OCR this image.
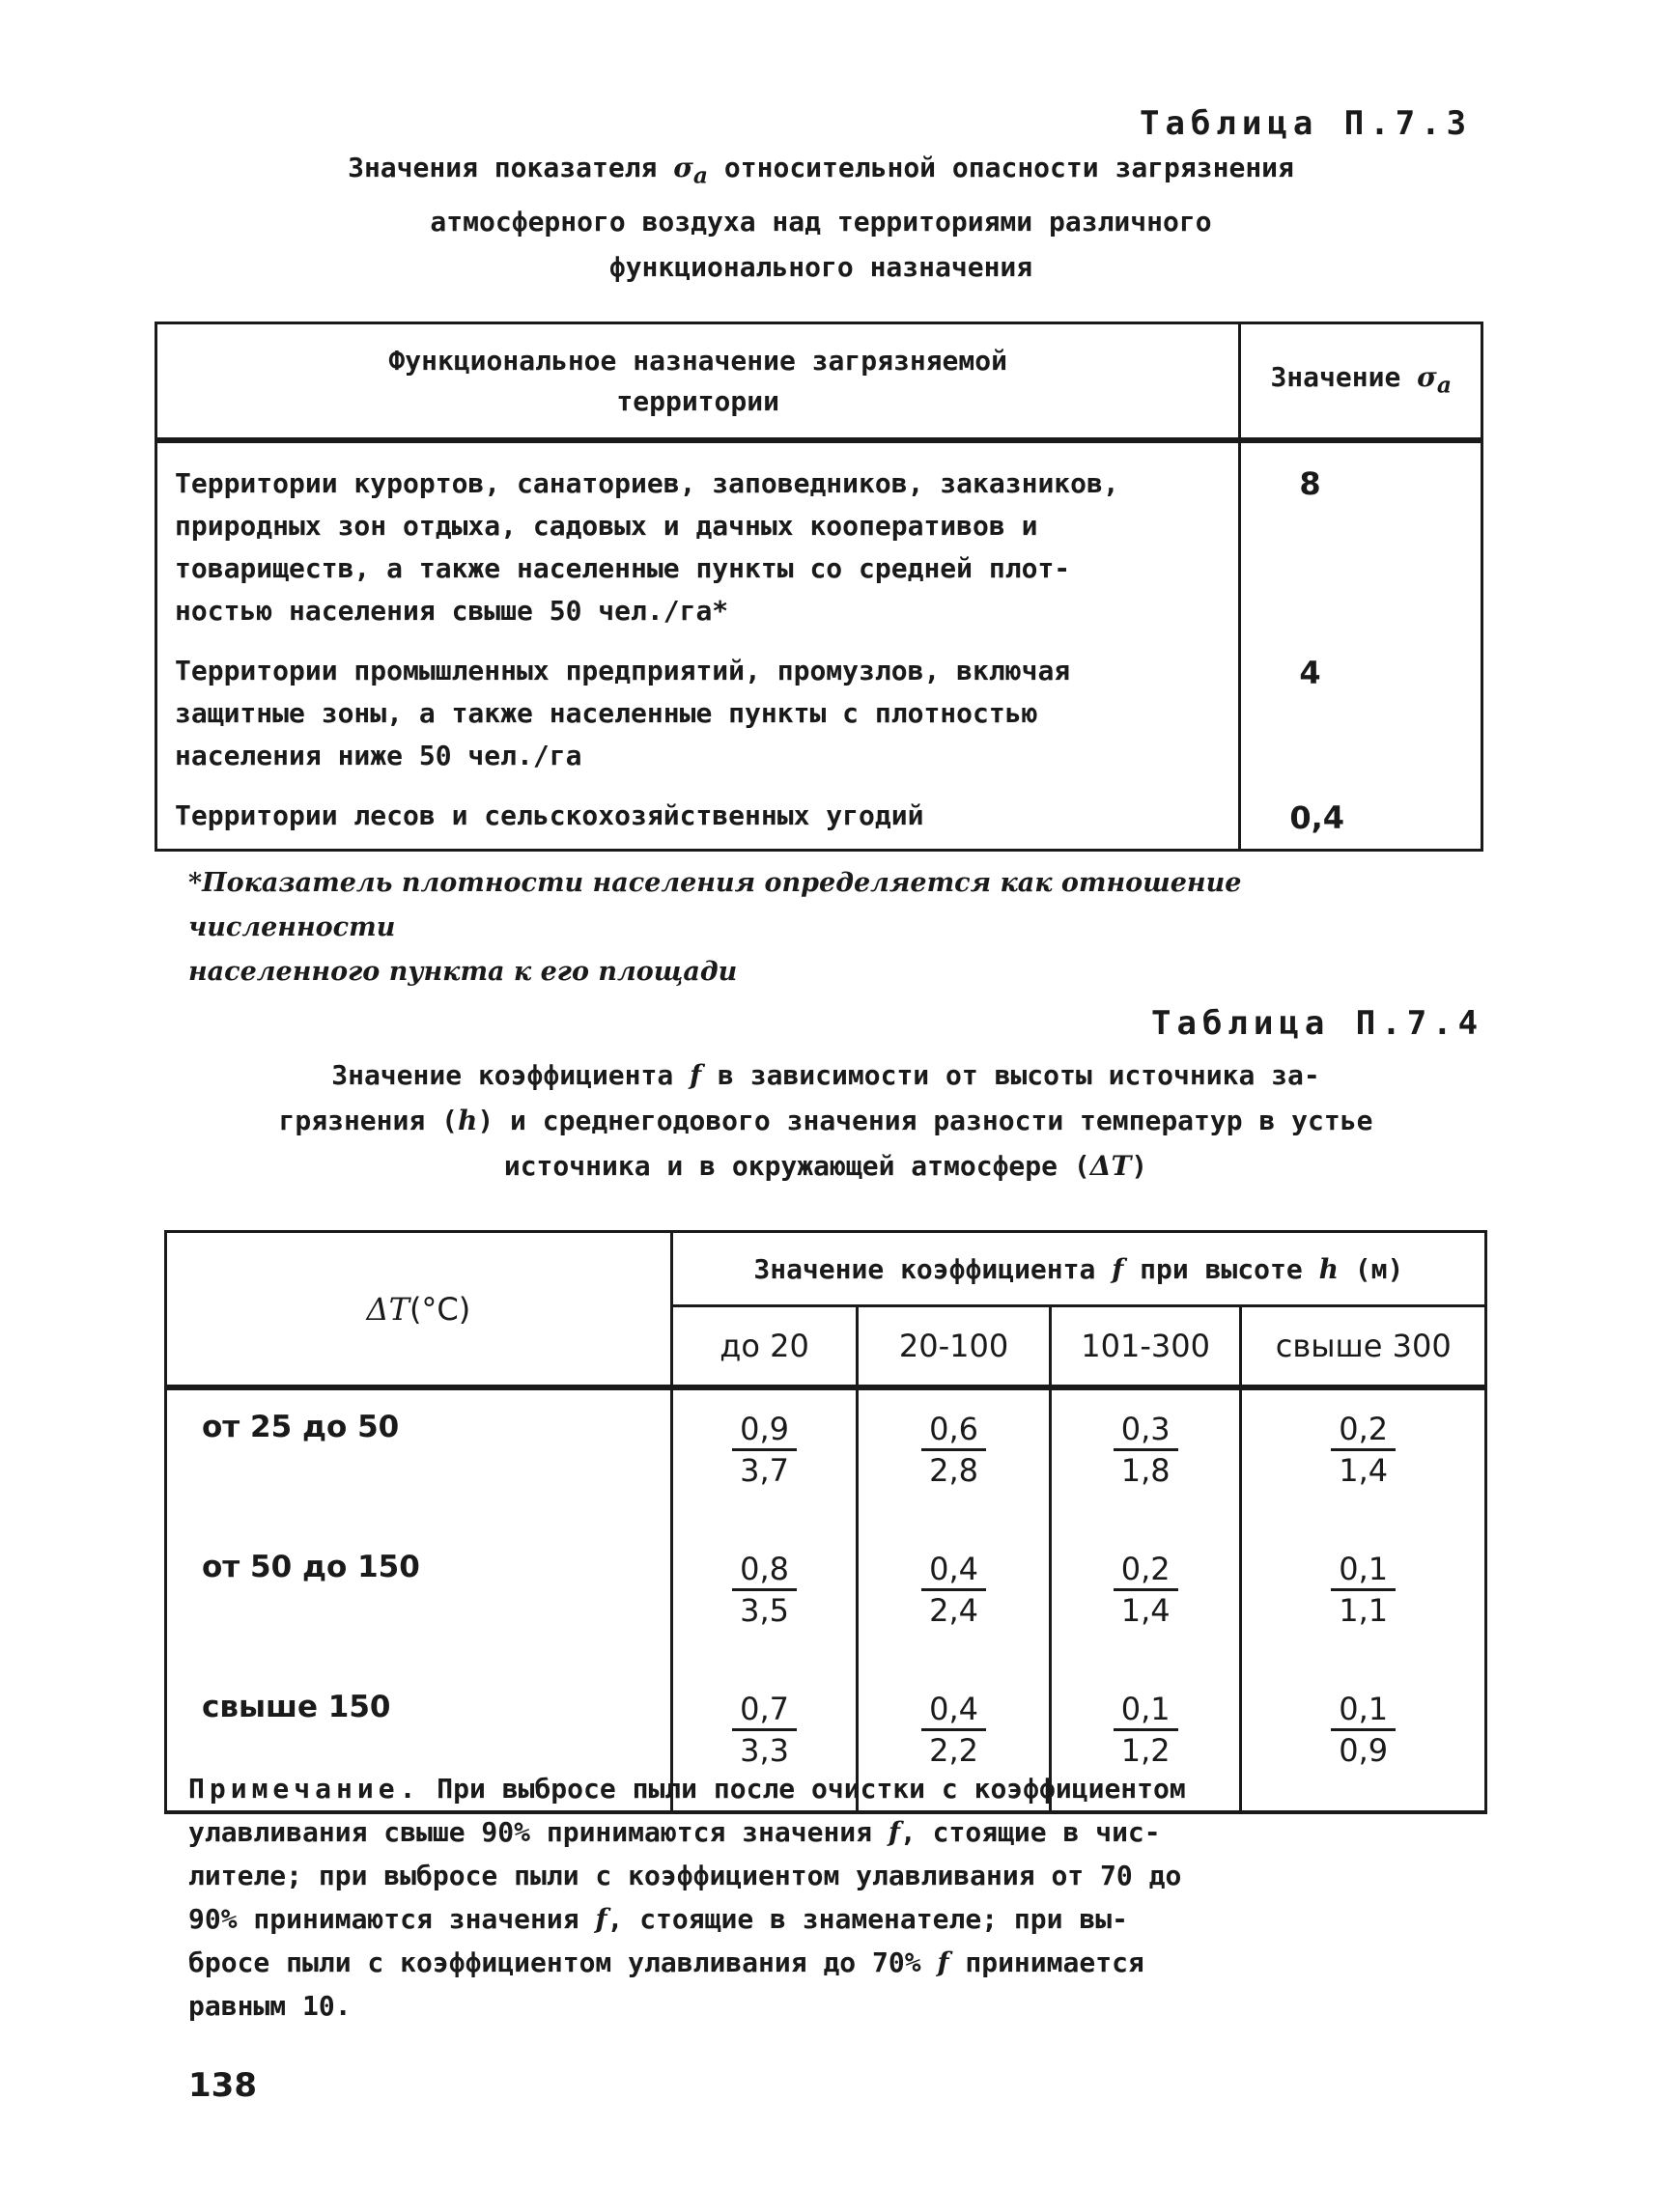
Таблица П.7.3
Значения показателя $\sigma_a$ относительной опасности загрязнения
атмосферного воздуха над территориями различного
функционального назначения
Функциональное назначение загрязняемой
территории	Значение $\sigma_a$

Территории курортов, санаториев, заповедников, заказников,
природных зон отдыха, садовых и дачных кооперативов и
товариществ, а также населенные пункты со средней плот-
ностью населения свыше 50 чел./га*	8

Территории промышленных предприятий, промузлов, включая
защитные зоны, а также населенные пункты с плотностью
населения ниже 50 чел./га	4

Территории лесов и сельскохозяйственных угодий	0,4
*Показатель плотности населения определяется как отношение численности
населенного пункта к его площади
Таблица П.7.4
Значение коэффициента f в зависимости от высоты источника за-
грязнения (h) и среднегодового значения разности температур в устье
источника и в окружающей атмосфере (ΔT)
ΔT(°С)	Значение коэффициента f при высоте h (м)			
	до 20	20-100	101-300	свыше 300
от 25 до 50	$\frac{0,9}{3,7}$	$\frac{0,6}{2,8}$	$\frac{0,3}{1,8}$	$\frac{0,2}{1,4}$

от 50 до 150	$\frac{0,8}{3,5}$	$\frac{0,4}{2,4}$	$\frac{0,2}{1,4}$	$\frac{0,1}{1,1}$

свыше 150	$\frac{0,7}{3,3}$	$\frac{0,4}{2,2}$	$\frac{0,1}{1,2}$	$\frac{0,1}{0,9}$
Примечание. При выбросе пыли после очистки с коэффициентом
улавливания свыше 90% принимаются значения f, стоящие в чис-
лителе; при выбросе пыли с коэффициентом улавливания от 70 до
90% принимаются значения f, стоящие в знаменателе; при вы-
бросе пыли с коэффициентом улавливания до 70% f принимается
равным 10.
138
